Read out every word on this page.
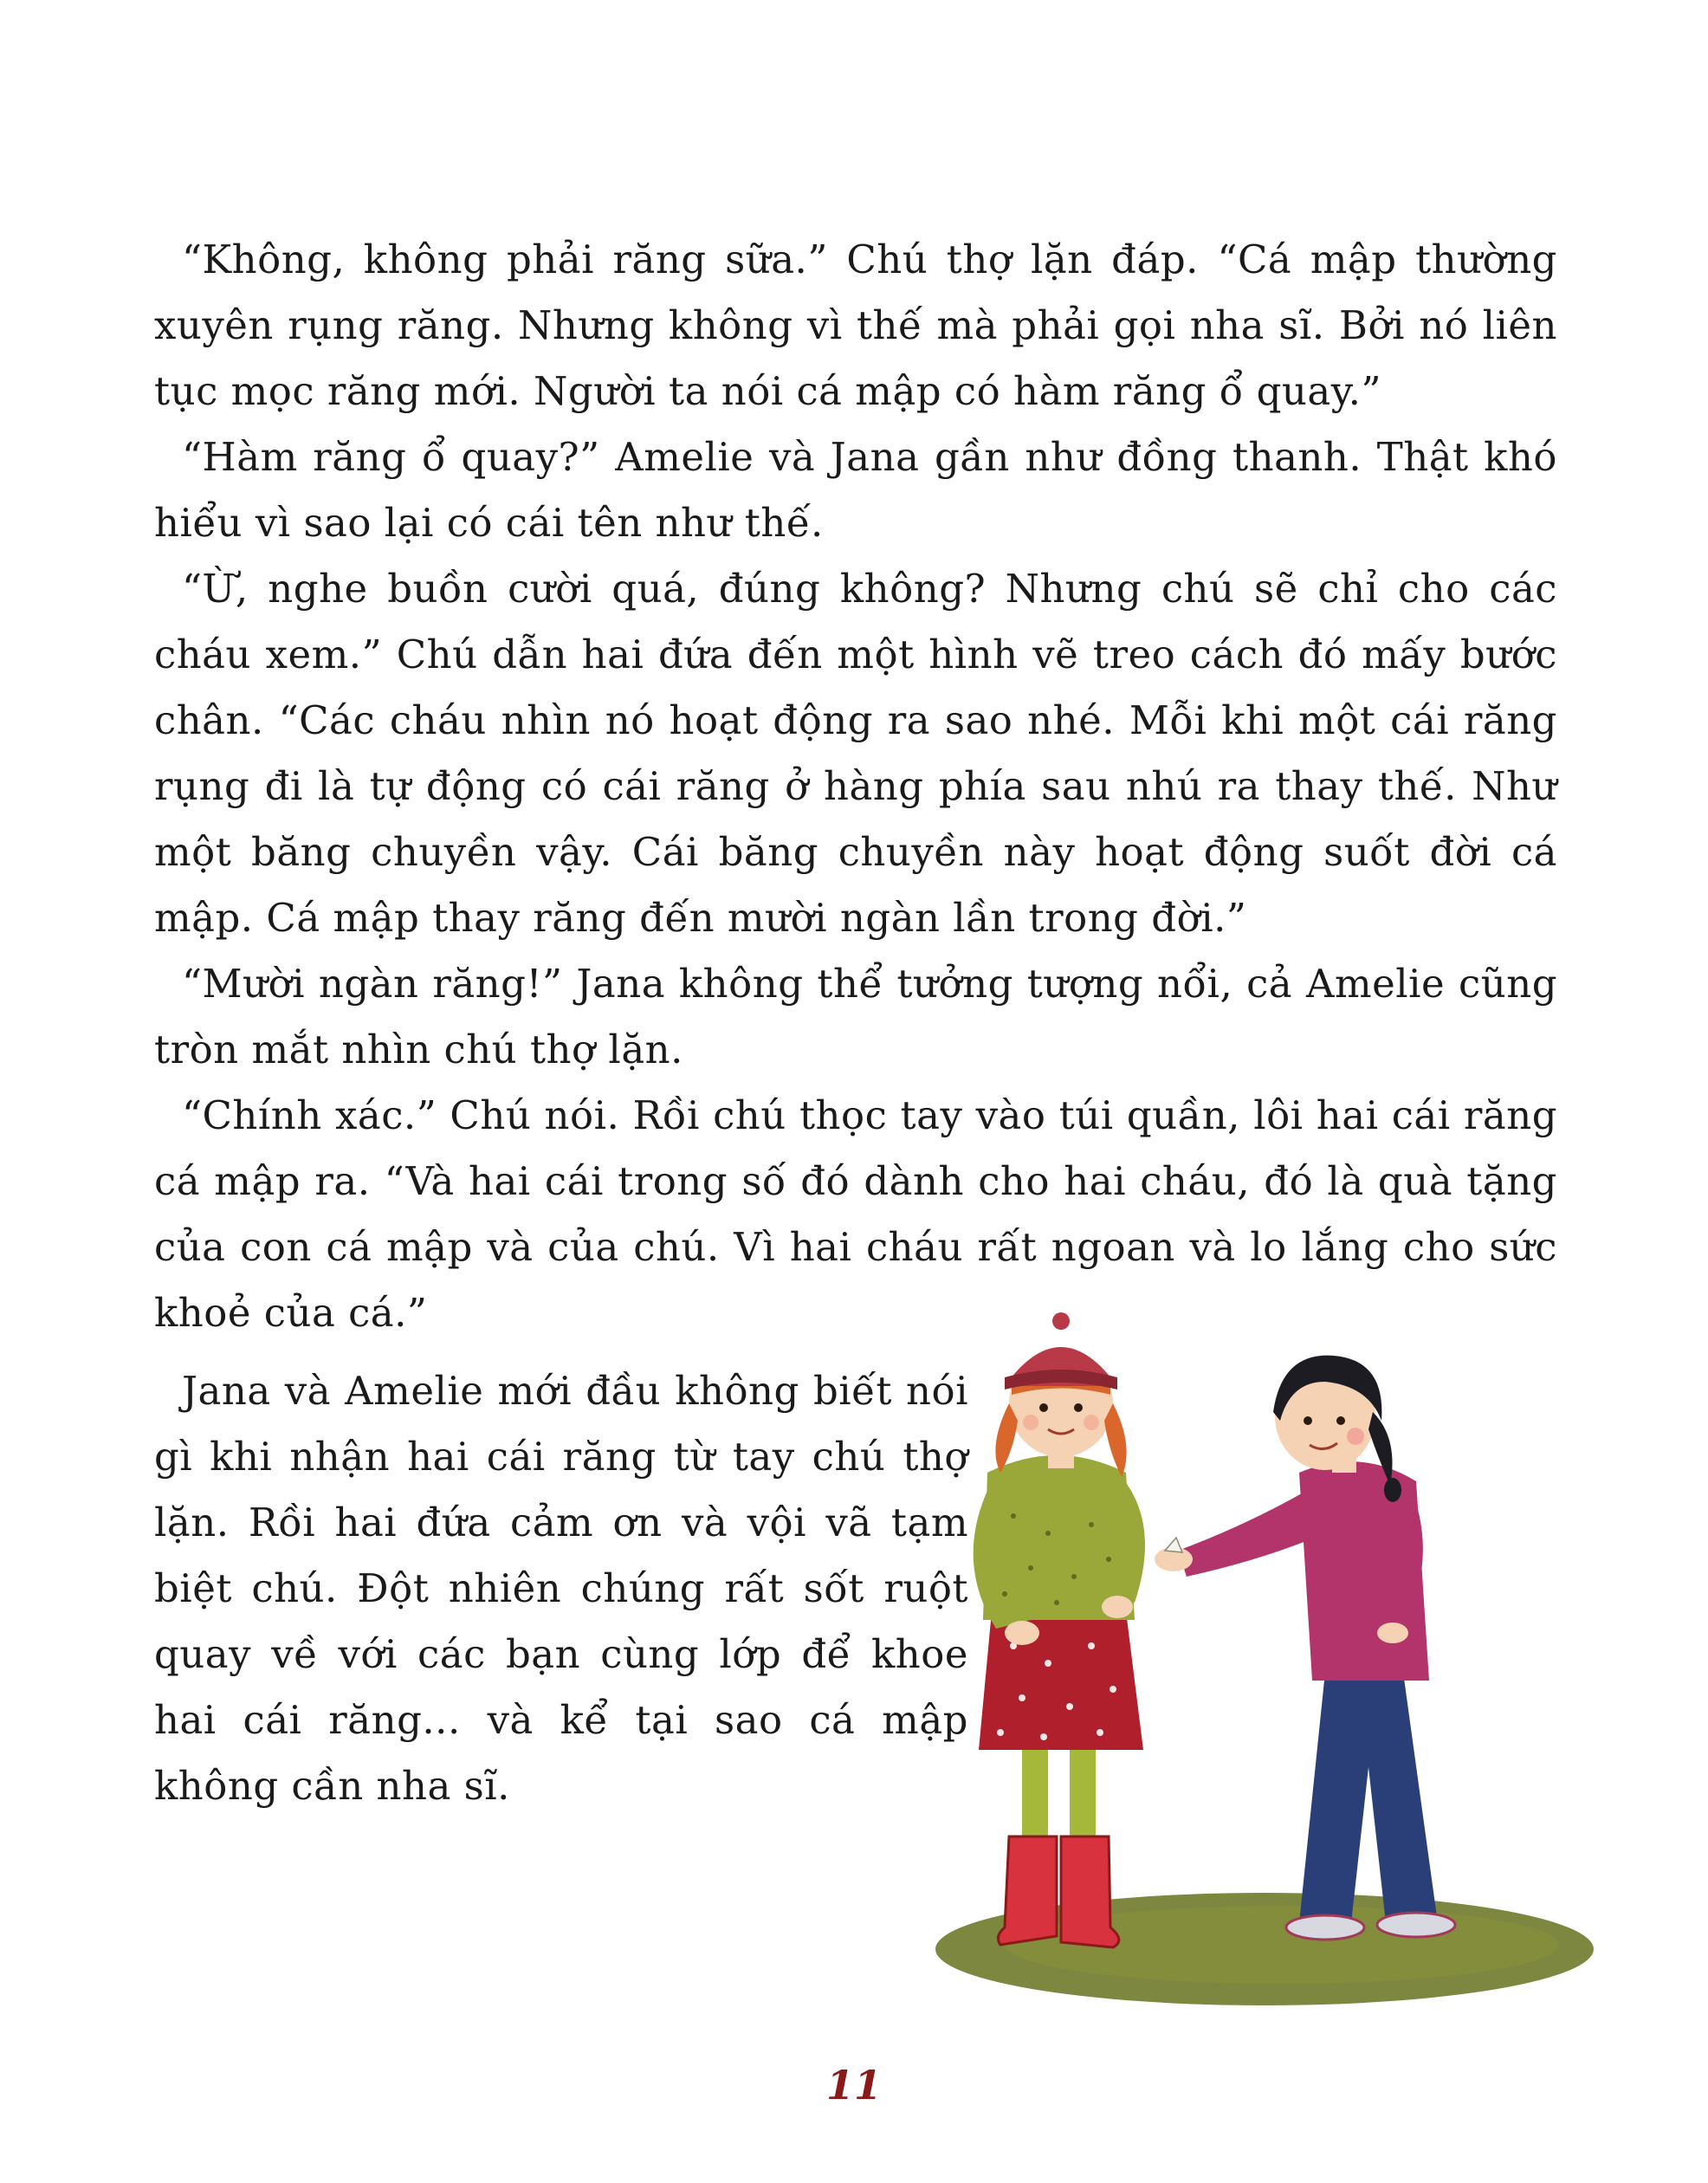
“Không, không phải răng sữa.” Chú thợ lặn đáp. “Cá mập thường xuyên rụng răng. Nhưng không vì thế mà phải gọi nha sĩ. Bởi nó liên tục mọc răng mới. Người ta nói cá mập có hàm răng ổ quay.”

“Hàm răng ổ quay?” Amelie và Jana gần như đồng thanh. Thật khó hiểu vì sao lại có cái tên như thế.

“Ừ, nghe buồn cười quá, đúng không? Nhưng chú sẽ chỉ cho các cháu xem.” Chú dẫn hai đứa đến một hình vẽ treo cách đó mấy bước chân. “Các cháu nhìn nó hoạt động ra sao nhé. Mỗi khi một cái răng rụng đi là tự động có cái răng ở hàng phía sau nhú ra thay thế. Như một băng chuyền vậy. Cái băng chuyền này hoạt động suốt đời cá mập. Cá mập thay răng đến mười ngàn lần trong đời.”

“Mười ngàn răng!” Jana không thể tưởng tượng nổi, cả Amelie cũng tròn mắt nhìn chú thợ lặn.

“Chính xác.” Chú nói. Rồi chú thọc tay vào túi quần, lôi hai cái răng cá mập ra. “Và hai cái trong số đó dành cho hai cháu, đó là quà tặng của con cá mập và của chú. Vì hai cháu rất ngoan và lo lắng cho sức khoẻ của cá.”

Jana và Amelie mới đầu không biết nói gì khi nhận hai cái răng từ tay chú thợ lặn. Rồi hai đứa cảm ơn và vội vã tạm biệt chú. Đột nhiên chúng rất sốt ruột quay về với các bạn cùng lớp để khoe hai cái răng... và kể tại sao cá mập không cần nha sĩ.

11
